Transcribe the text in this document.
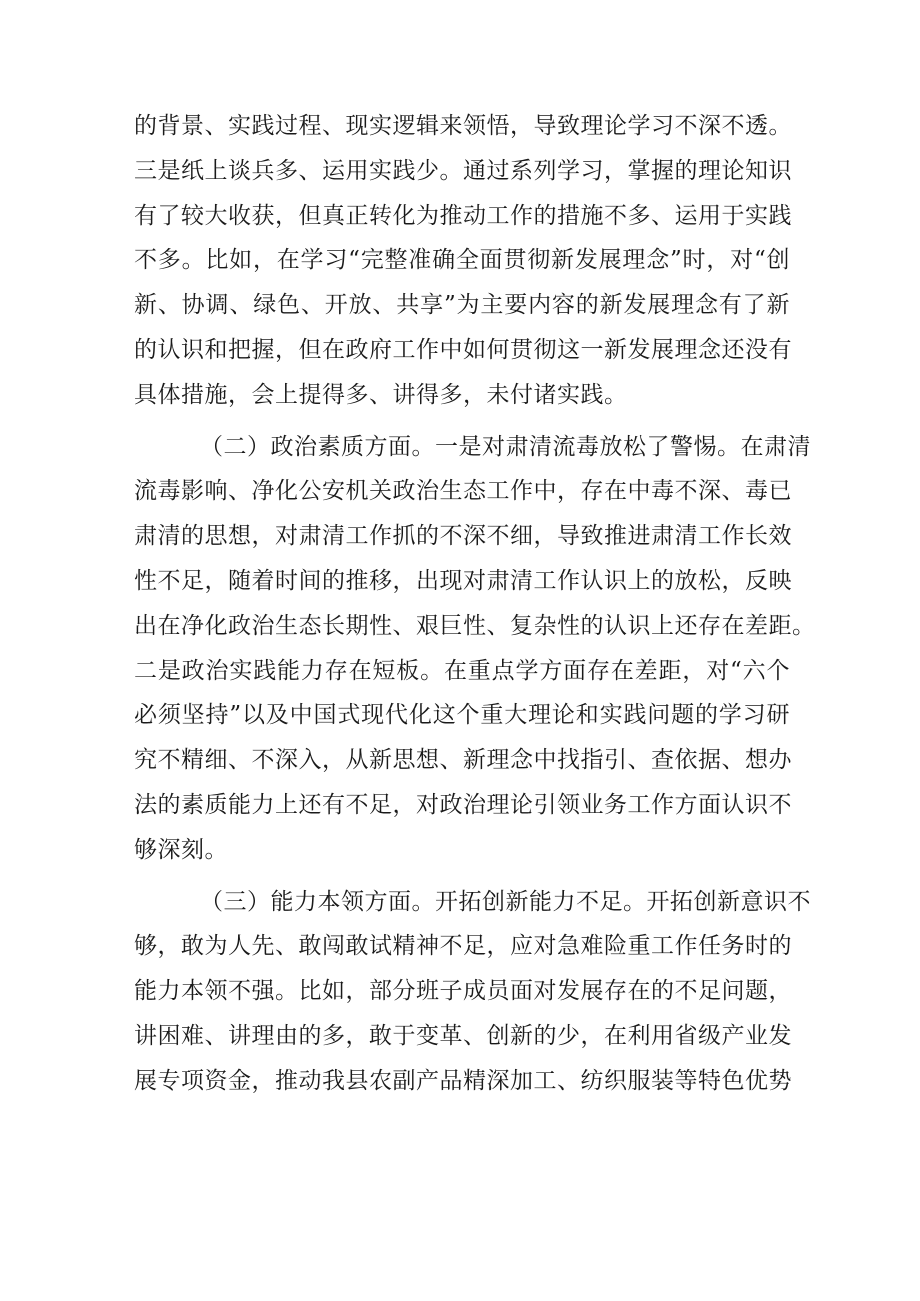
的背景、实践过程、现实逻辑来领悟，导致理论学习不深不透。
三是纸上谈兵多、运用实践少。通过系列学习，掌握的理论知识
有了较大收获，但真正转化为推动工作的措施不多、运用于实践
不多。比如，在学习“完整准确全面贯彻新发展理念”时，对“创
新、协调、绿色、开放、共享”为主要内容的新发展理念有了新
的认识和把握，但在政府工作中如何贯彻这一新发展理念还没有
具体措施，会上提得多、讲得多，未付诸实践。
（二）政治素质方面。一是对肃清流毒放松了警惕。在肃清
流毒影响、净化公安机关政治生态工作中，存在中毒不深、毒已
肃清的思想，对肃清工作抓的不深不细，导致推进肃清工作长效
性不足，随着时间的推移，出现对肃清工作认识上的放松，反映
出在净化政治生态长期性、艰巨性、复杂性的认识上还存在差距。
二是政治实践能力存在短板。在重点学方面存在差距，对“六个
必须坚持”以及中国式现代化这个重大理论和实践问题的学习研
究不精细、不深入，从新思想、新理念中找指引、查依据、想办
法的素质能力上还有不足，对政治理论引领业务工作方面认识不
够深刻。
（三）能力本领方面。开拓创新能力不足。开拓创新意识不
够，敢为人先、敢闯敢试精神不足，应对急难险重工作任务时的
能力本领不强。比如，部分班子成员面对发展存在的不足问题，
讲困难、讲理由的多，敢于变革、创新的少，在利用省级产业发
展专项资金，推动我县农副产品精深加工、纺织服装等特色优势
